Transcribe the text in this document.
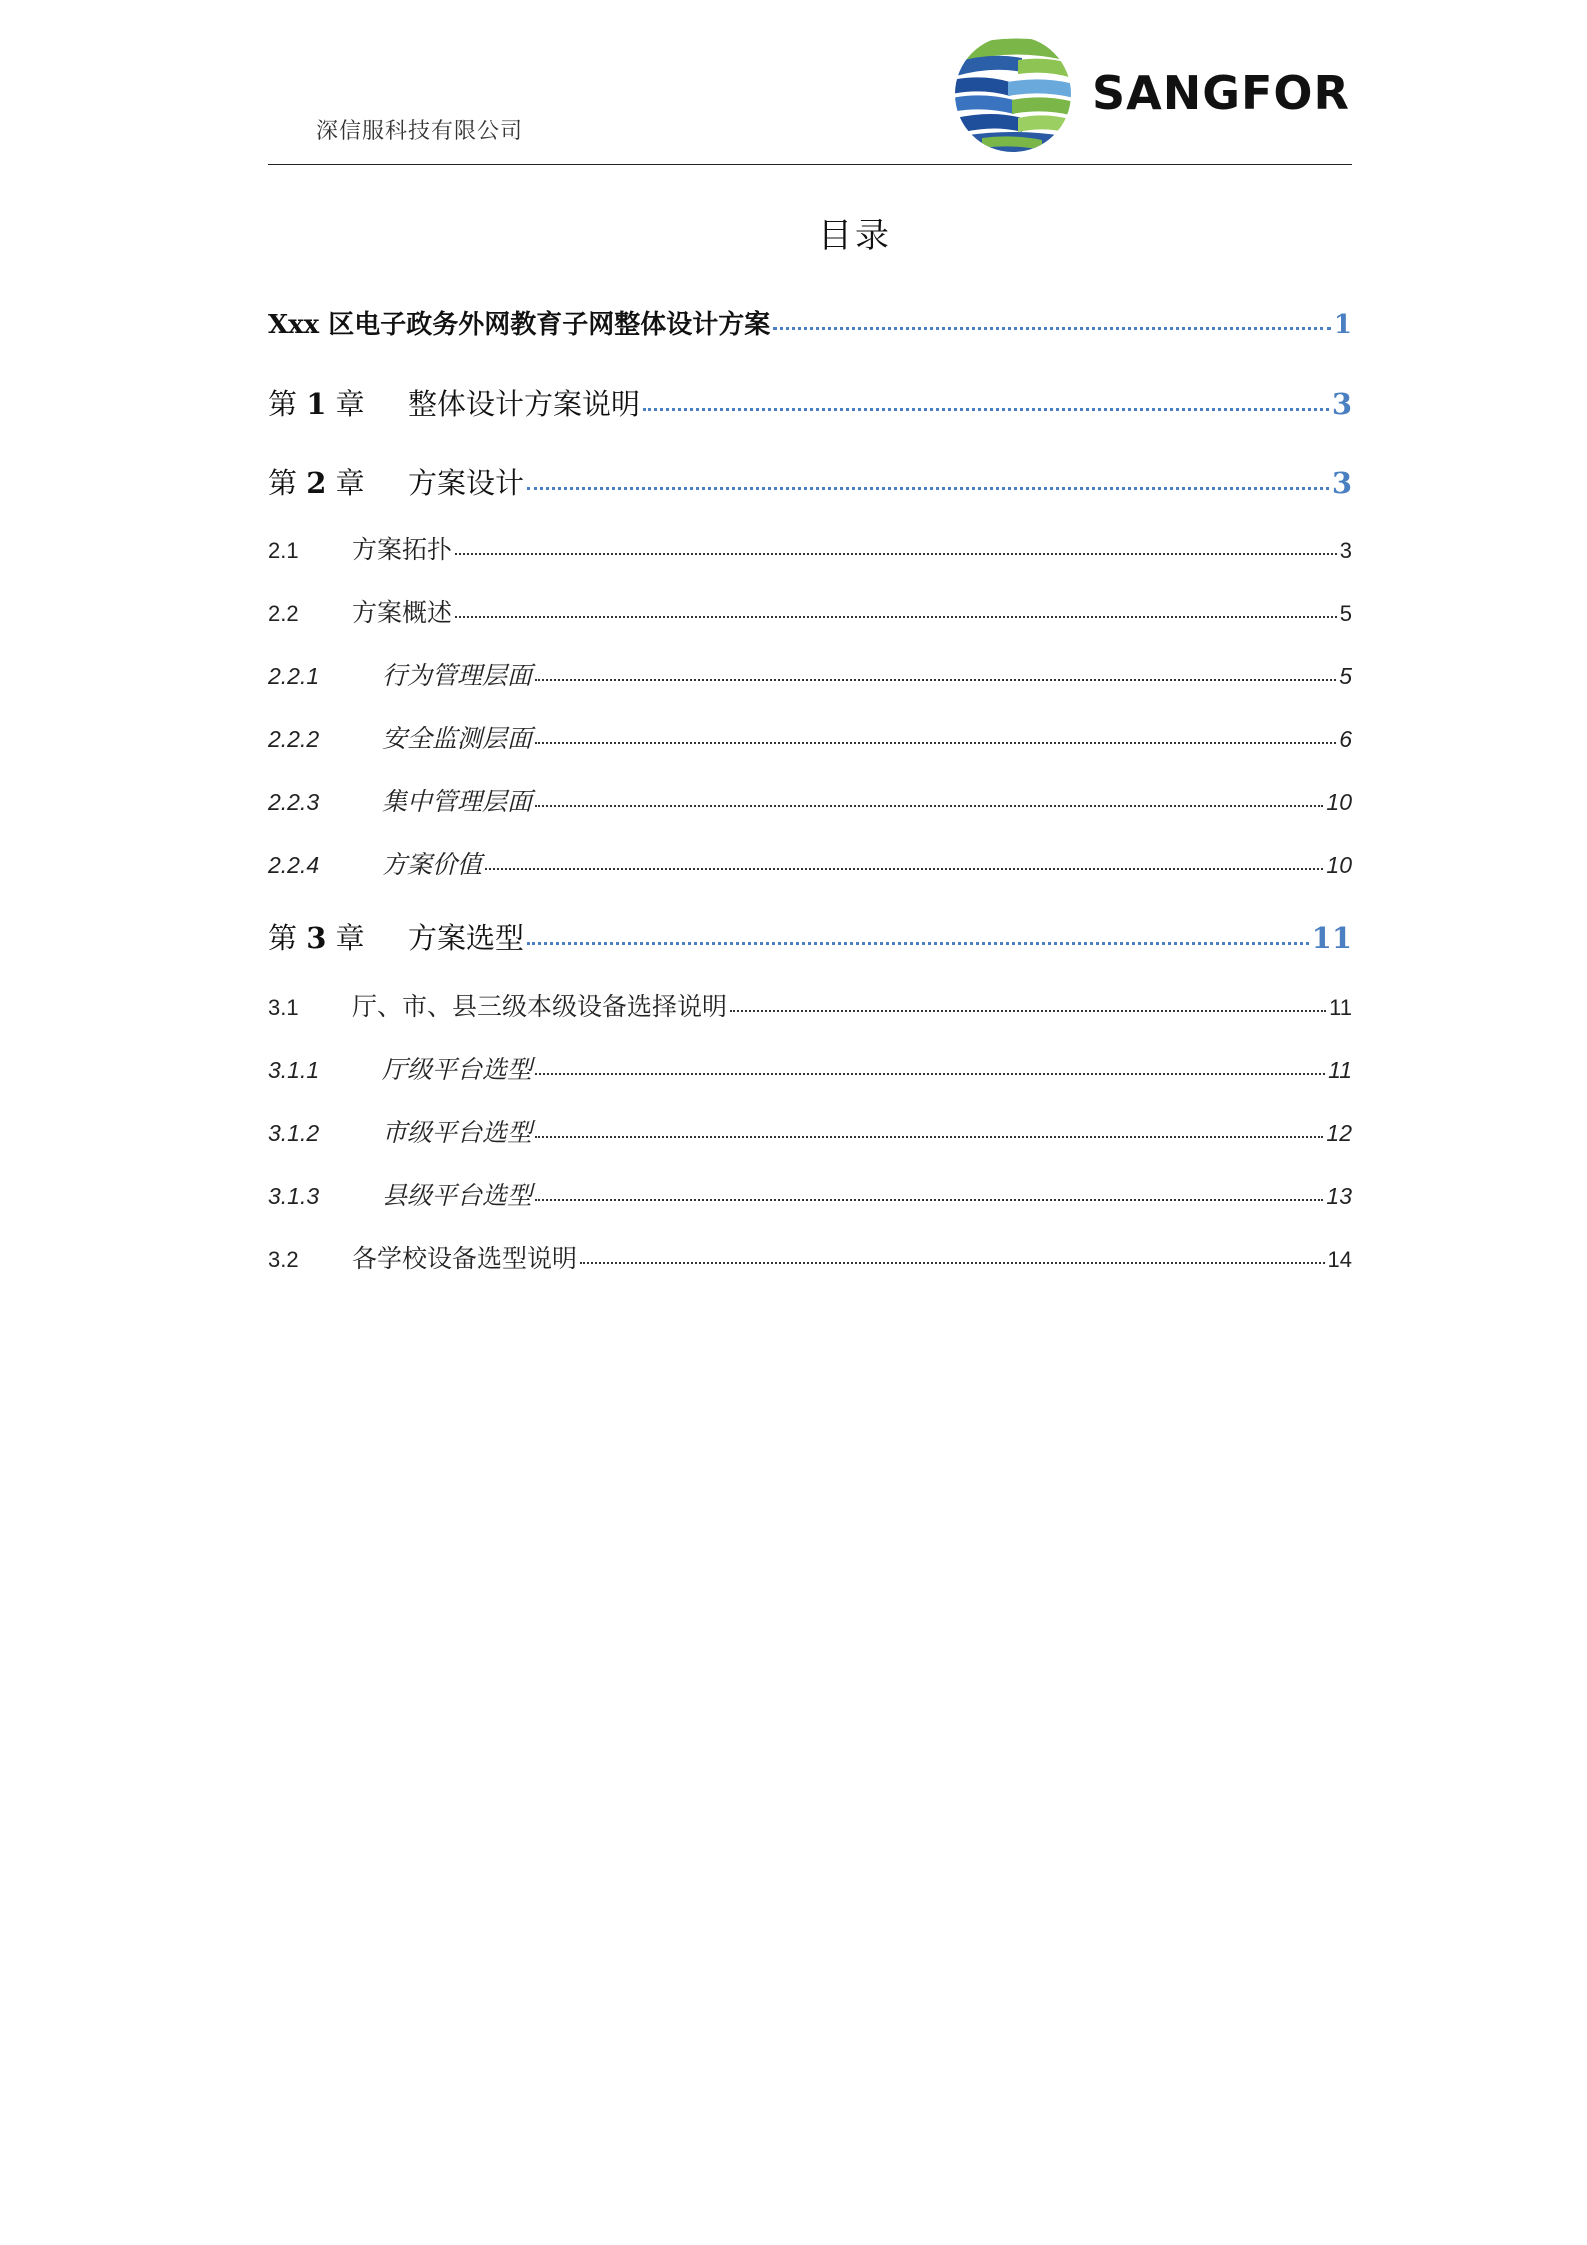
深信服科技有限公司
SANGFOR
目录
Xxx 区电子政务外网教育子网整体设计方案	1
第 1 章	整体设计方案说明	3
第 2 章	方案设计	3
2.1	方案拓扑	3
2.2	方案概述	5
2.2.1	行为管理层面	5
2.2.2	安全监测层面	6
2.2.3	集中管理层面	10
2.2.4	方案价值	10
第 3 章	方案选型	11
3.1	厅、市、县三级本级设备选择说明	11
3.1.1	厅级平台选型	11
3.1.2	市级平台选型	12
3.1.3	县级平台选型	13
3.2	各学校设备选型说明	14
